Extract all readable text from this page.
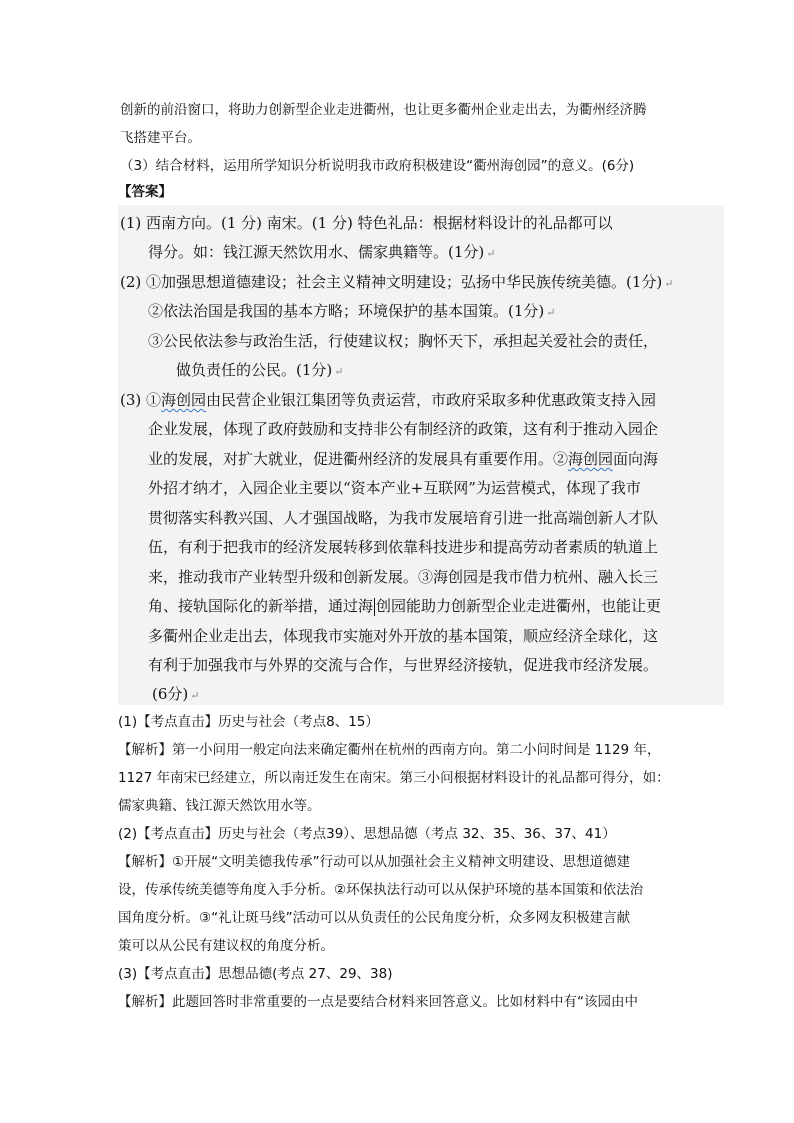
创新的前沿窗口，将助力创新型企业走进衢州，也让更多衢州企业走出去，为衢州经济腾
飞搭建平台。
（3）结合材料，运用所学知识分析说明我市政府积极建设“衢州海创园”的意义。(6分)
【答案】
(1) 西南方向。(1 分) 南宋。(1 分) 特色礼品：根据材料设计的礼品都可以
得分。如：钱江源天然饮用水、儒家典籍等。(1分) ↵
(2) ①加强思想道德建设；社会主义精神文明建设；弘扬中华民族传统美德。(1分) ↵
②依法治国是我国的基本方略；环境保护的基本国策。(1分) ↵
③公民依法参与政治生活，行使建议权；胸怀天下，承担起关爱社会的责任，
做负责任的公民。(1分) ↵
(3) ①海创园由民营企业银江集团等负责运营，市政府采取多种优惠政策支持入园
企业发展，体现了政府鼓励和支持非公有制经济的政策，这有利于推动入园企
业的发展，对扩大就业，促进衢州经济的发展具有重要作用。②海创园面向海
外招才纳才，入园企业主要以“资本产业+互联网”为运营模式，体现了我市
贯彻落实科教兴国、人才强国战略，为我市发展培育引进一批高端创新人才队
伍，有利于把我市的经济发展转移到依靠科技进步和提高劳动者素质的轨道上
来，推动我市产业转型升级和创新发展。③海创园是我市借力杭州、融入长三
角、接轨国际化的新举措，通过海 创园能助力创新型企业走进衢州，也能让更
多衢州企业走出去，体现我市实施对外开放的基本国策，顺应经济全球化，这
有利于加强我市与外界的交流与合作，与世界经济接轨，促进我市经济发展。
(6分) ↵
(1)【考点直击】历史与社会（考点8、15）
【解析】第一小问用一般定向法来确定衢州在杭州的西南方向。第二小问时间是 1129 年，
1127 年南宋已经建立，所以南迁发生在南宋。第三小问根据材料设计的礼品都可得分，如：
儒家典籍、钱江源天然饮用水等。
(2)【考点直击】历史与社会（考点39）、思想品德（考点 32、35、36、37、41）
【解析】①开展“文明美德我传承”行动可以从加强社会主义精神文明建设、思想道德建
设，传承传统美德等角度入手分析。②环保执法行动可以从保护环境的基本国策和依法治
国角度分析。③“礼让斑马线”活动可以从负责任的公民角度分析，众多网友积极建言献
策可以从公民有建议权的角度分析。
(3)【考点直击】思想品德(考点 27、29、38)
【解析】此题回答时非常重要的一点是要结合材料来回答意义。比如材料中有“该园由中
